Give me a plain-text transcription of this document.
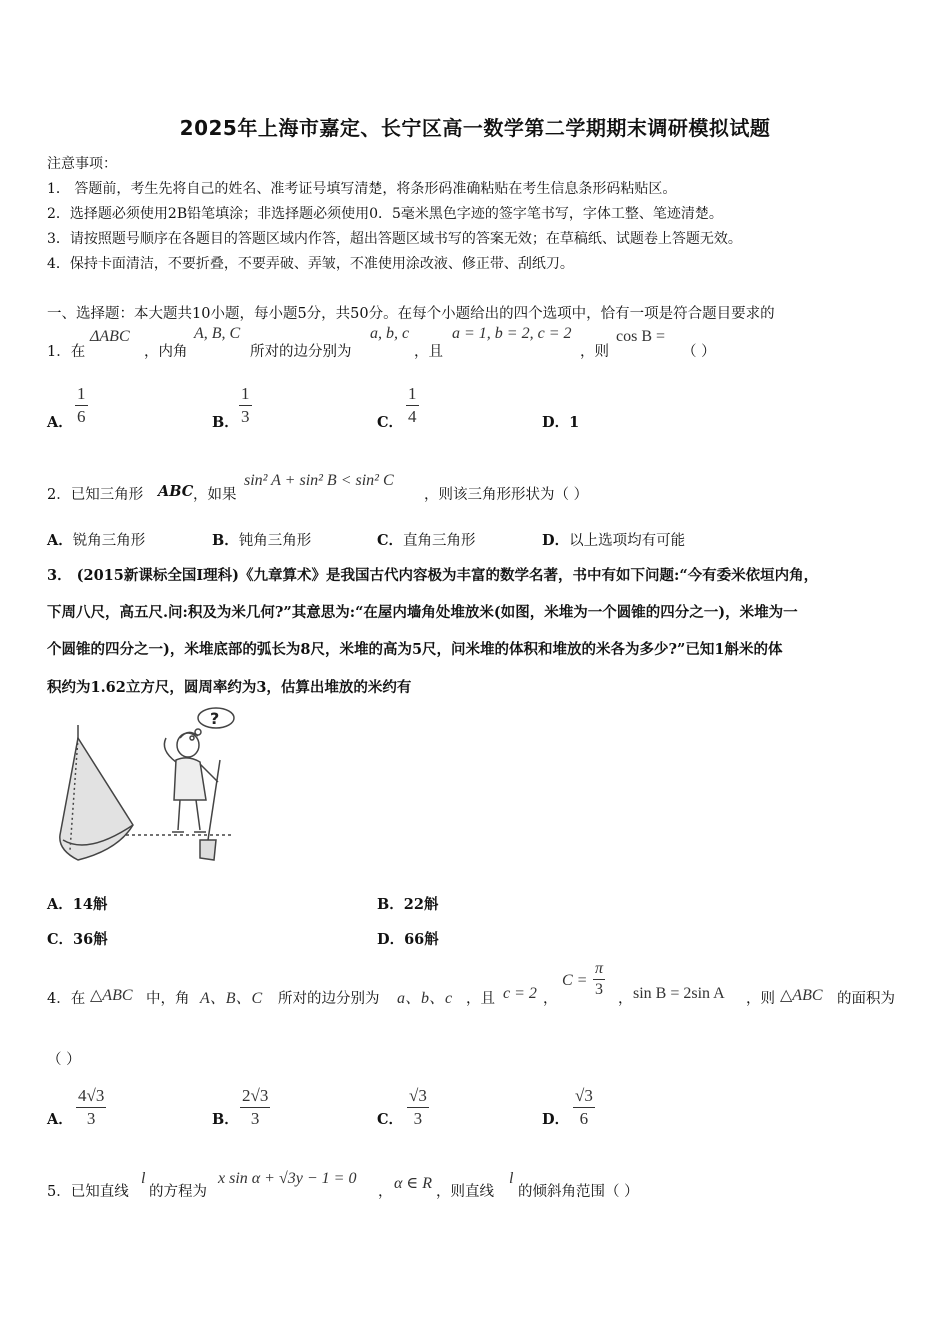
2025年上海市嘉定、长宁区高一数学第二学期期末调研模拟试题
注意事项：
1． 答题前，考生先将自己的姓名、准考证号填写清楚，将条形码准确粘贴在考生信息条形码粘贴区。
2．选择题必须使用2B铅笔填涂；非选择题必须使用0．5毫米黑色字迹的签字笔书写，字体工整、笔迹清楚。
3．请按照题号顺序在各题目的答题区域内作答，超出答题区域书写的答案无效；在草稿纸、试题卷上答题无效。
4．保持卡面清洁，不要折叠，不要弄破、弄皱，不准使用涂改液、修正带、刮纸刀。
一、选择题：本大题共10小题，每小题5分，共50分。在每个小题给出的四个选项中，恰有一项是符合题目要求的
1．在
ΔABC
，内角
A, B, C
所对的边分别为
a, b, c
，且
a = 1, b = 2, c = 2
，则
cos B =
（ ）
A．
1
6	B．
1
3	C．
1
4	D．1
2．已知三角形 ABC ，如果
sin² A + sin² B < sin² C
，则该三角形形状为（ ）
A．锐角三角形	B．钝角三角形	C．直角三角形	D．以上选项均有可能
3． (2015新课标全国Ⅰ理科)《九章算术》是我国古代内容极为丰富的数学名著，书中有如下问题:“今有委米依垣内角，
下周八尺，高五尺.问:积及为米几何?”其意思为:“在屋内墙角处堆放米(如图，米堆为一个圆锥的四分之一)，米堆为一
个圆锥的四分之一)，米堆底部的弧长为8尺，米堆的高为5尺，问米堆的体积和堆放的米各为多少?”已知1斛米的体
积约为1.62立方尺，圆周率约为3，估算出堆放的米约有
?
A．14斛	B．22斛
C．36斛	D．66斛
4．在 △ABC 中，角 A、B、C 所对的边分别为 a、b、c ，且 c = 2 ，
C =
π
3
， sin B = 2sin A ，则 △ABC 的面积为
（ ）
A．
4√3
3	B．
2√3
3	C．
√3
3	D．
√3
6
5．已知直线
l
的方程为
x sin α + √3y − 1 = 0
， α ∈ R ，则直线
l
的倾斜角范围（ ）
